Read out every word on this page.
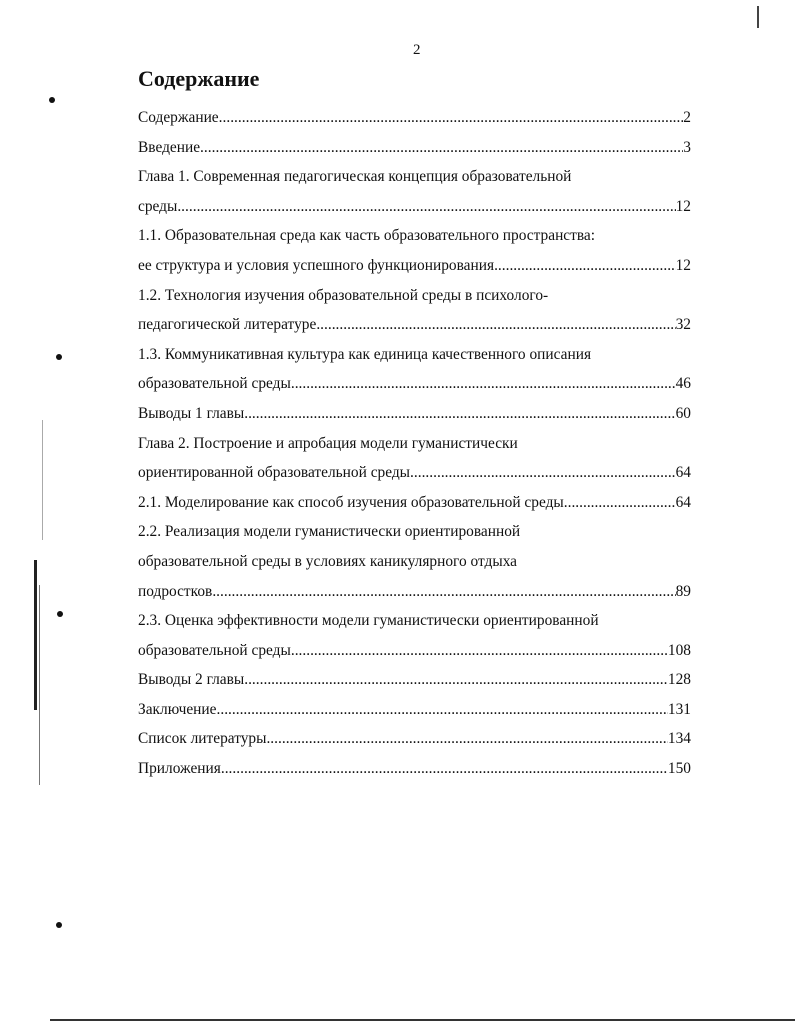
2
Содержание
Содержание .....	2
Введение .....	3
Глава 1. Современная педагогическая концепция образовательной
среды .....	12
1.1. Образовательная среда как часть образовательного пространства:
ее структура и условия успешного функционирования .....	12
1.2. Технология изучения образовательной среды в психолого-
педагогической литературе .....	32
1.3. Коммуникативная культура как единица качественного описания
образовательной среды .....	46
Выводы 1 главы .....	60
Глава 2. Построение и апробация модели гуманистически
ориентированной образовательной среды .....	64
2.1. Моделирование как способ изучения образовательной среды .....	64
2.2. Реализация модели гуманистически ориентированной
образовательной среды в условиях каникулярного отдыха
подростков .....	89
2.3. Оценка эффективности модели гуманистически ориентированной
образовательной среды .....	108
Выводы 2 главы .....	128
Заключение .....	131
Список литературы .....	134
Приложения .....	150
